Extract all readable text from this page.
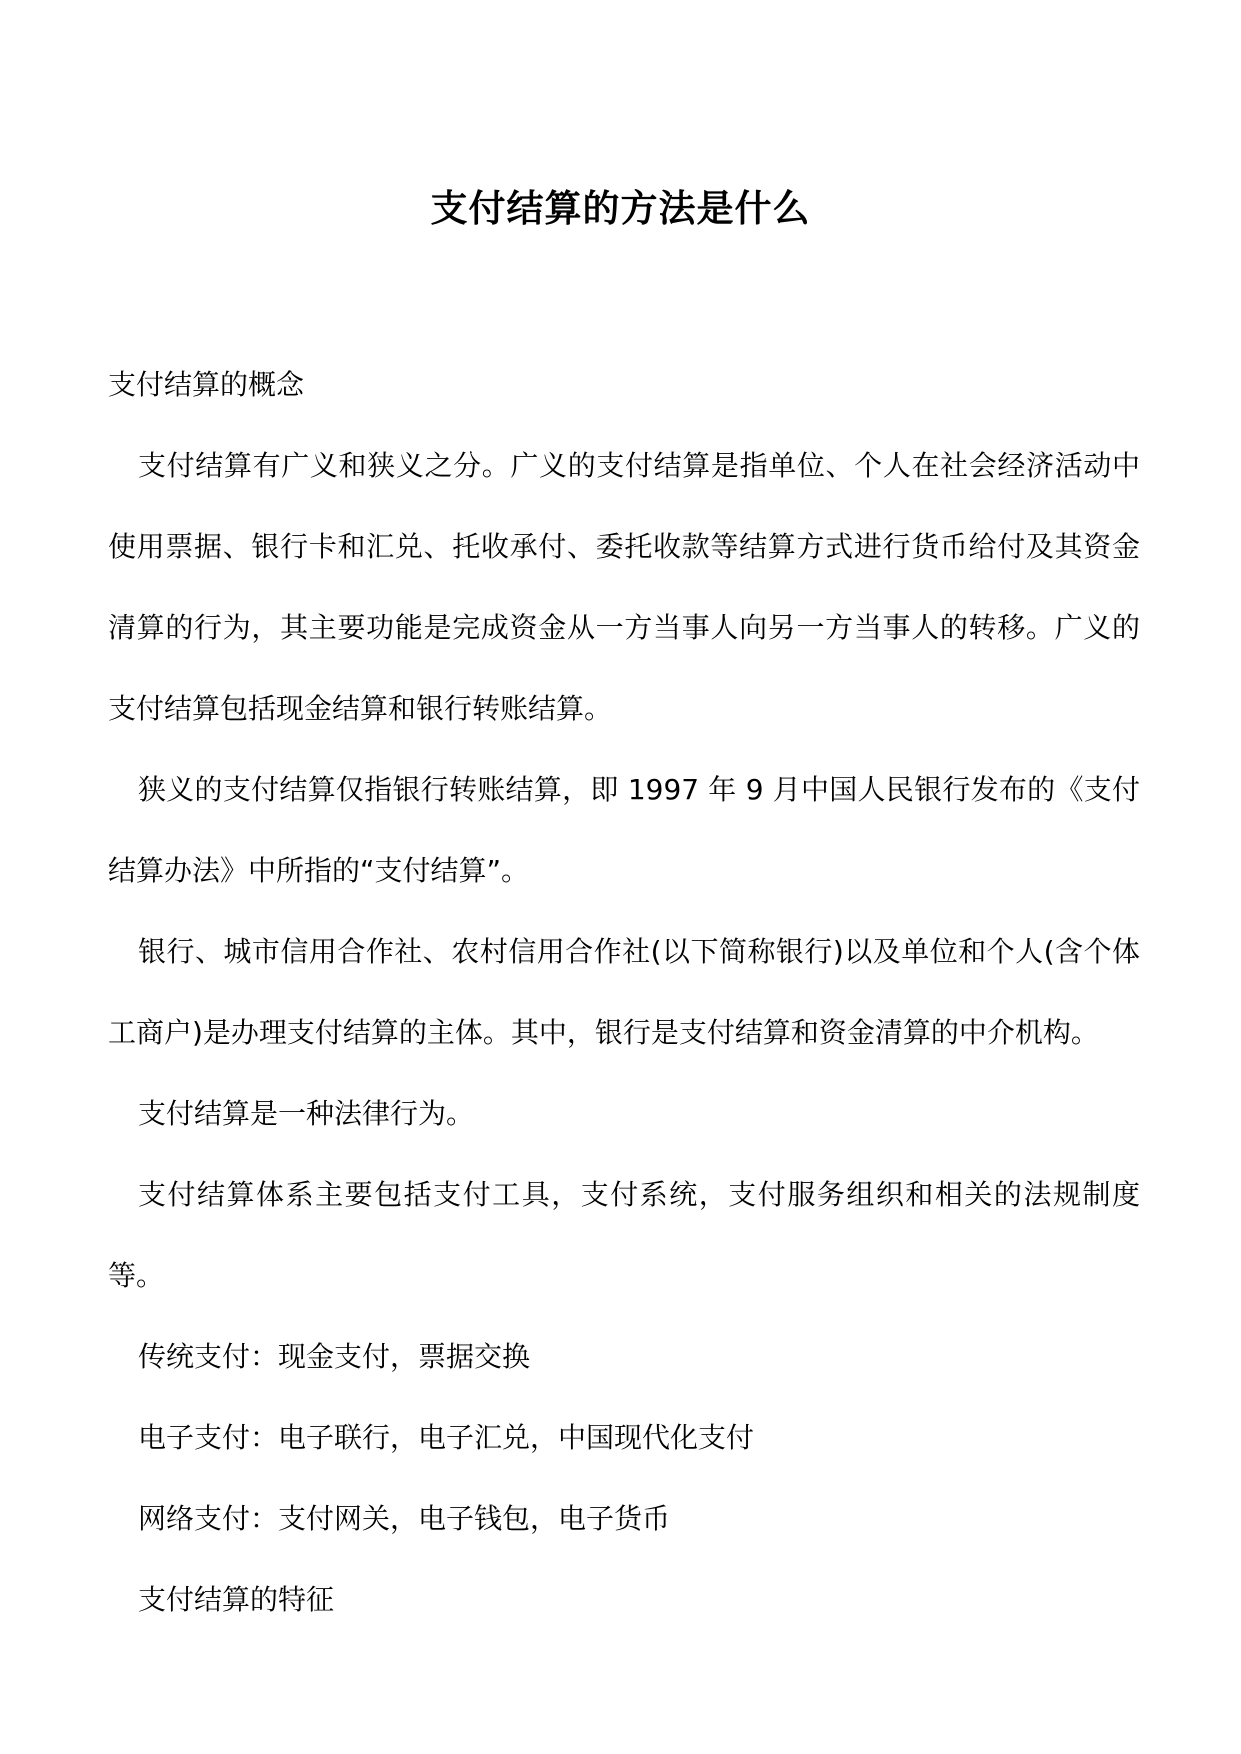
支付结算的方法是什么

支付结算的概念

支付结算有广义和狭义之分。广义的支付结算是指单位、个人在社会经济活动中使用票据、银行卡和汇兑、托收承付、委托收款等结算方式进行货币给付及其资金清算的行为，其主要功能是完成资金从一方当事人向另一方当事人的转移。广义的支付结算包括现金结算和银行转账结算。

狭义的支付结算仅指银行转账结算，即 1997 年 9 月中国人民银行发布的《支付结算办法》中所指的“支付结算”。

银行、城市信用合作社、农村信用合作社(以下简称银行)以及单位和个人(含个体工商户)是办理支付结算的主体。其中，银行是支付结算和资金清算的中介机构。

支付结算是一种法律行为。

支付结算体系主要包括支付工具，支付系统，支付服务组织和相关的法规制度等。

传统支付：现金支付，票据交换

电子支付：电子联行，电子汇兑，中国现代化支付

网络支付：支付网关，电子钱包，电子货币

支付结算的特征
